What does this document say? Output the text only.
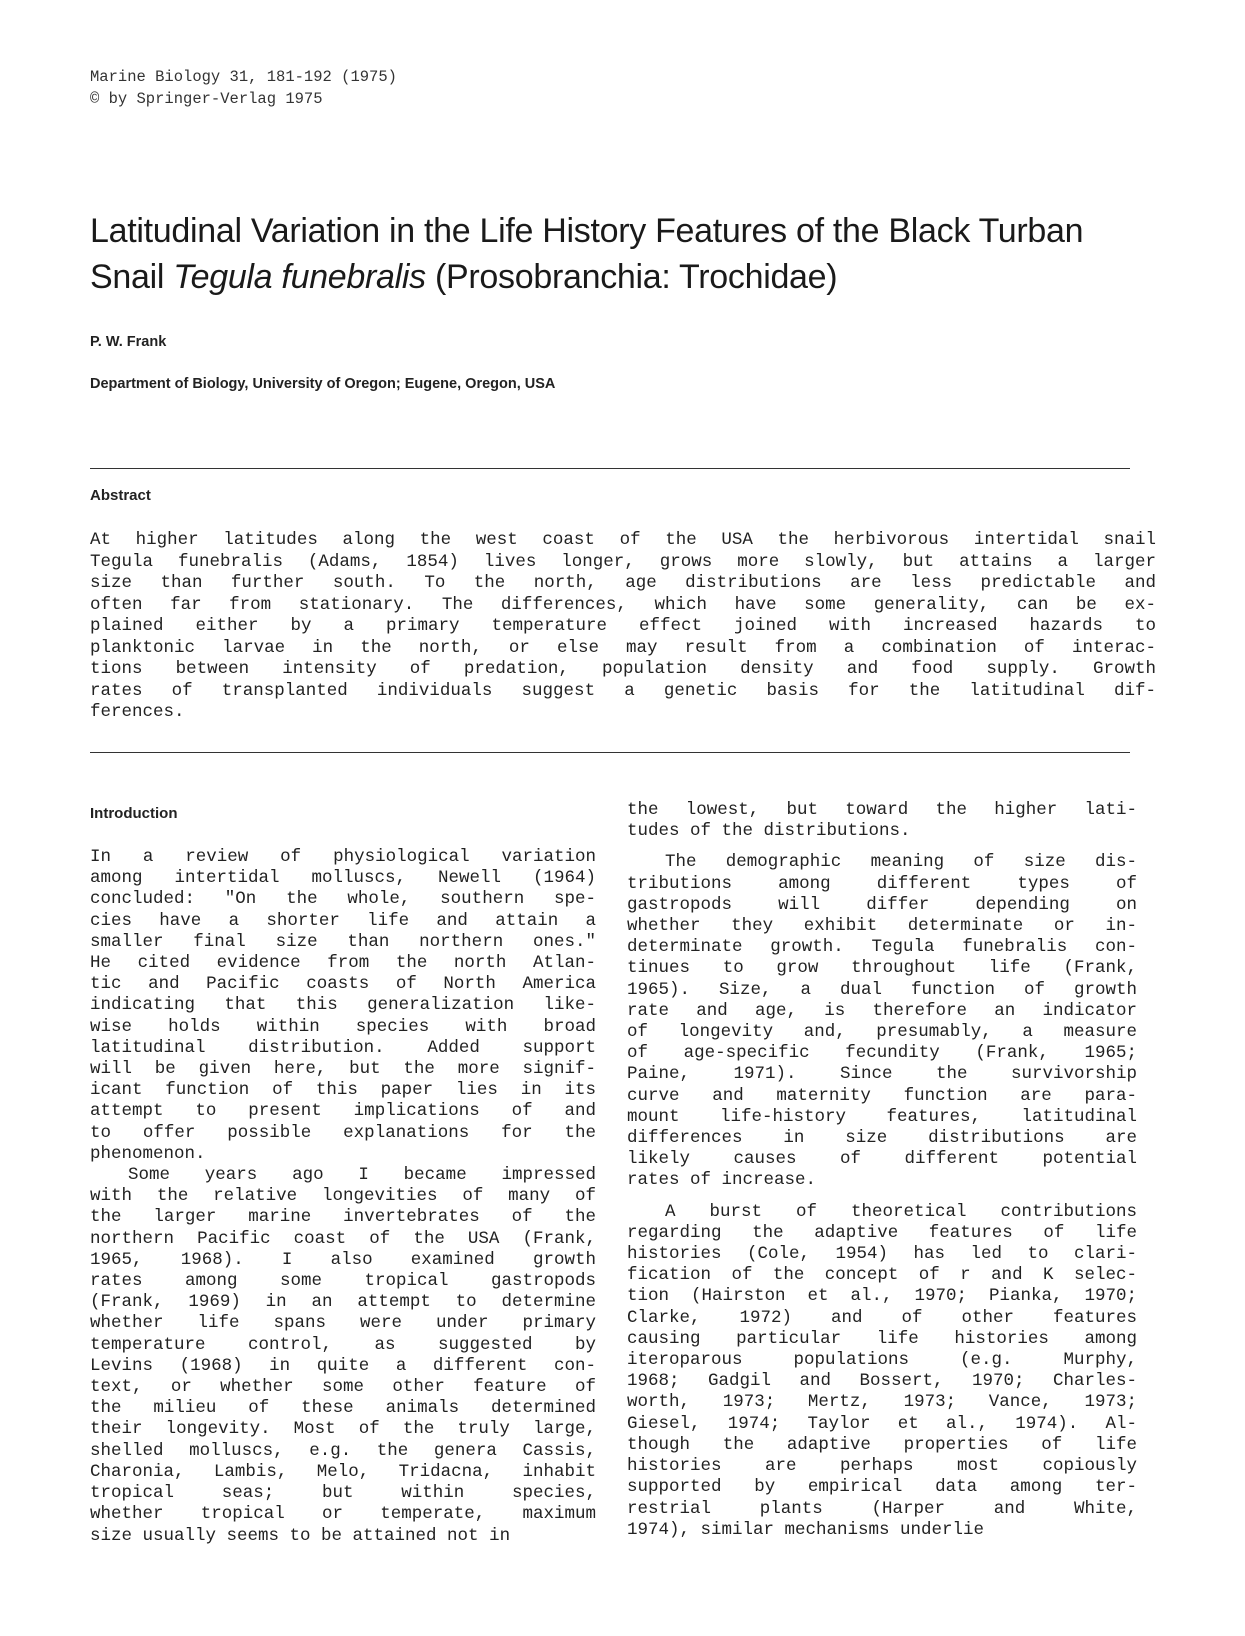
Marine Biology 31, 181-192 (1975)
© by Springer-Verlag 1975
Latitudinal Variation in the Life History Features of the Black Turban
Snail Tegula funebralis (Prosobranchia: Trochidae)
P. W. Frank
Department of Biology, University of Oregon; Eugene, Oregon, USA
Abstract
At higher latitudes along the west coast of the USA the herbivorous intertidal snail
Tegula funebralis (Adams, 1854) lives longer, grows more slowly, but attains a larger
size than further south. To the north, age distributions are less predictable and
often far from stationary. The differences, which have some generality, can be ex-
plained either by a primary temperature effect joined with increased hazards to
planktonic larvae in the north, or else may result from a combination of interac-
tions between intensity of predation, population density and food supply. Growth
rates of transplanted individuals suggest a genetic basis for the latitudinal dif-
ferences.
Introduction
In a review of physiological variation
among intertidal molluscs, Newell (1964)
concluded: "On the whole, southern spe-
cies have a shorter life and attain a
smaller final size than northern ones."
He cited evidence from the north Atlan-
tic and Pacific coasts of North America
indicating that this generalization like-
wise holds within species with broad
latitudinal distribution. Added support
will be given here, but the more signif-
icant function of this paper lies in its
attempt to present implications of and
to offer possible explanations for the
phenomenon.
Some years ago I became impressed
with the relative longevities of many of
the larger marine invertebrates of the
northern Pacific coast of the USA (Frank,
1965, 1968). I also examined growth
rates among some tropical gastropods
(Frank, 1969) in an attempt to determine
whether life spans were under primary
temperature control, as suggested by
Levins (1968) in quite a different con-
text, or whether some other feature of
the milieu of these animals determined
their longevity. Most of the truly large,
shelled molluscs, e.g. the genera Cassis,
Charonia, Lambis, Melo, Tridacna, inhabit
tropical seas; but within species,
whether tropical or temperate, maximum
size usually seems to be attained not in
the lowest, but toward the higher lati-
tudes of the distributions.
The demographic meaning of size dis-
tributions among different types of
gastropods will differ depending on
whether they exhibit determinate or in-
determinate growth. Tegula funebralis con-
tinues to grow throughout life (Frank,
1965). Size, a dual function of growth
rate and age, is therefore an indicator
of longevity and, presumably, a measure
of age-specific fecundity (Frank, 1965;
Paine, 1971). Since the survivorship
curve and maternity function are para-
mount life-history features, latitudinal
differences in size distributions are
likely causes of different potential
rates of increase.
A burst of theoretical contributions
regarding the adaptive features of life
histories (Cole, 1954) has led to clari-
fication of the concept of r and K selec-
tion (Hairston et al., 1970; Pianka, 1970;
Clarke, 1972) and of other features
causing particular life histories among
iteroparous populations (e.g. Murphy,
1968; Gadgil and Bossert, 1970; Charles-
worth, 1973; Mertz, 1973; Vance, 1973;
Giesel, 1974; Taylor et al., 1974). Al-
though the adaptive properties of life
histories are perhaps most copiously
supported by empirical data among ter-
restrial plants (Harper and White,
1974), similar mechanisms underlie
